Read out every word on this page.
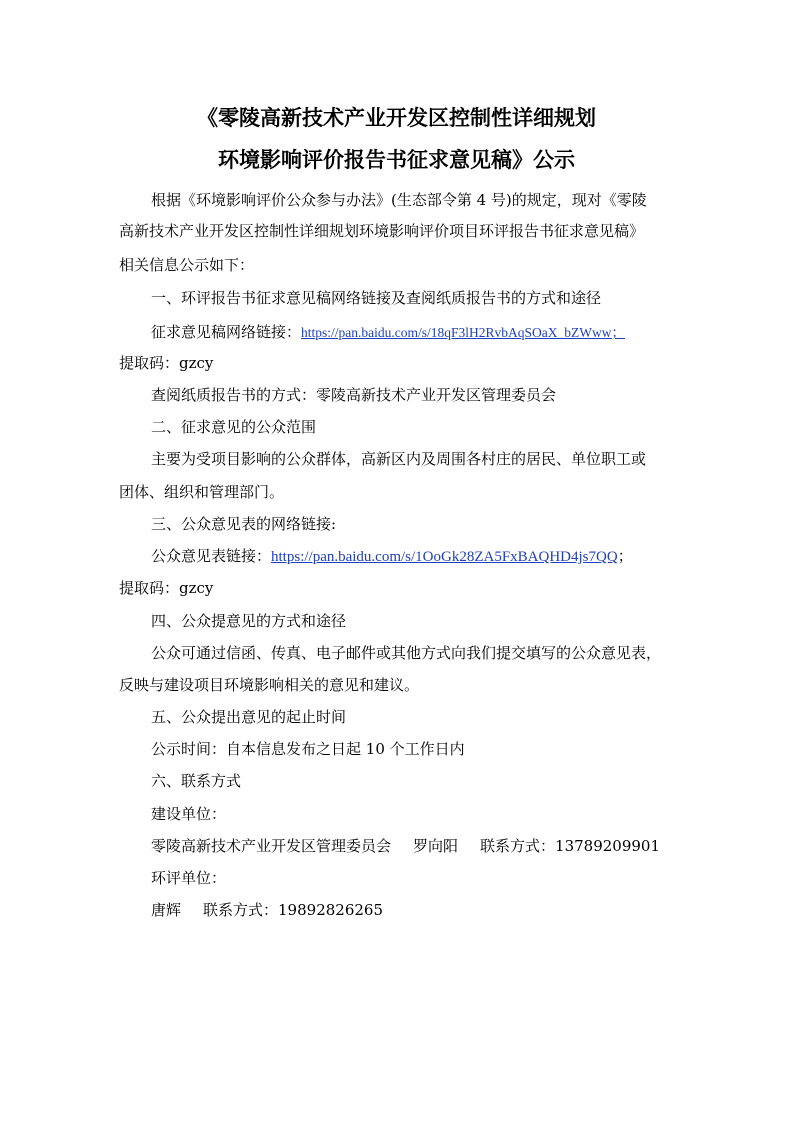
《零陵高新技术产业开发区控制性详细规划
环境影响评价报告书征求意见稿》公示
根据《环境影响评价公众参与办法》(生态部令第 4 号)的规定，现对《零陵
高新技术产业开发区控制性详细规划环境影响评价项目环评报告书征求意见稿》
相关信息公示如下：
一、环评报告书征求意见稿网络链接及查阅纸质报告书的方式和途径
征求意见稿网络链接：https://pan.baidu.com/s/18qF3lH2RvbAqSOaX_bZWww；
提取码：gzcy
查阅纸质报告书的方式：零陵高新技术产业开发区管理委员会
二、征求意见的公众范围
主要为受项目影响的公众群体，高新区内及周围各村庄的居民、单位职工或
团体、组织和管理部门。
三、公众意见表的网络链接:
公众意见表链接：https://pan.baidu.com/s/1OoGk28ZA5FxBAQHD4js7QQ；
提取码：gzcy
四、公众提意见的方式和途径
公众可通过信函、传真、电子邮件或其他方式向我们提交填写的公众意见表，
反映与建设项目环境影响相关的意见和建议。
五、公众提出意见的起止时间
公示时间：自本信息发布之日起 10 个工作日内
六、联系方式
建设单位：
零陵高新技术产业开发区管理委员会 罗向阳 联系方式：13789209901
环评单位：
唐辉 联系方式：19892826265
